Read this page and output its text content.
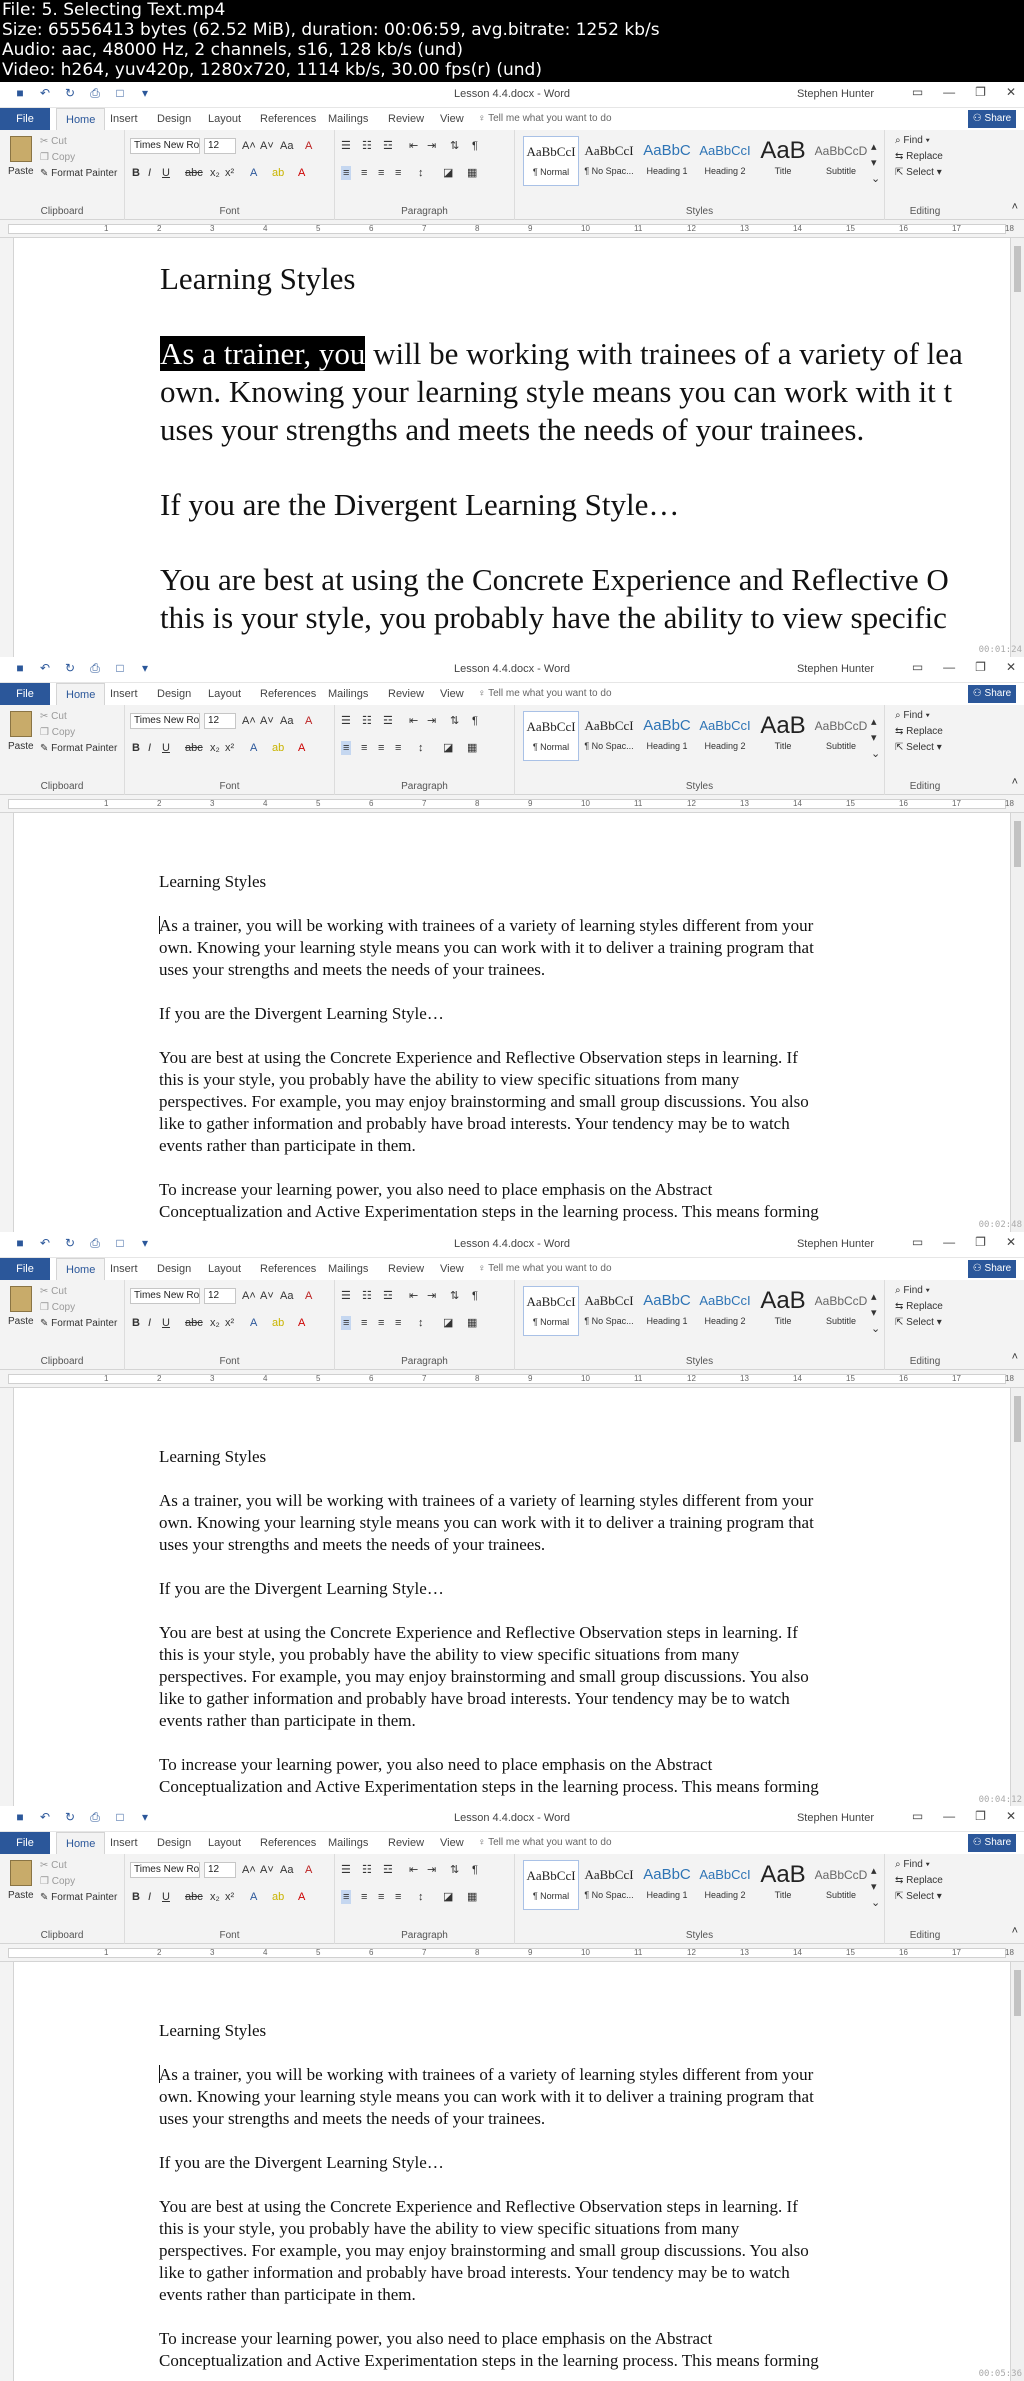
File: 5. Selecting Text.mp4
Size: 65556413 bytes (62.52 MiB), duration: 00:06:59, avg.bitrate: 1252 kb/s
Audio: aac, 48000 Hz, 2 channels, s16, 128 kb/s (und)
Video: h264, yuv420p, 1280x720, 1114 kb/s, 30.00 fps(r) (und)
■ ↶ ↻ ⎙ □ ▾	Lesson 4.4.docx - Word	Stephen Hunter	▭ — ❐ ✕
File	Home	Insert Design Layout References Mailings Review View ♀ Tell me what you want to do	⚇ Share
Paste
✂ Cut
❐ Copy
✎ Format Painter
Clipboard
Times New Ro 12	A˄ A˅ Aa A
B I U abc x₂ x² A ab A
Font
☰ ☷ ☲ ⇤ ⇥ ⇅ ¶
≡ ≡ ≡ ≡ ↕ ◪ ▦
Paragraph
AaBbCcI
¶ Normal
AaBbCcI
¶ No Spac...
AaBbC
Heading 1
AaBbCcI
Heading 2
AaB
Title
AaBbCcD
Subtitle
▴
▾
⌄
Styles
⌕ Find ▾
⇆ Replace
⇱ Select ▾
Editing	˄
1	2	3	4	5	6	7	8	9	10	11	12	13	14	15	16	17	18

Learning Styles

As a trainer, you will be working with trainees of a variety of lea

own. Knowing your learning style means you can work with it t

uses your strengths and meets the needs of your trainees.

If you are the Divergent Learning Style…

You are best at using the Concrete Experience and Reflective O

this is your style, you probably have the ability to view specific

00:01:24
■ ↶ ↻ ⎙ □ ▾	Lesson 4.4.docx - Word	Stephen Hunter	▭ — ❐ ✕
File	Home	Insert Design Layout References Mailings Review View ♀ Tell me what you want to do	⚇ Share
Paste
✂ Cut
❐ Copy
✎ Format Painter
Clipboard
Times New Ro 12	A˄ A˅ Aa A
B I U abc x₂ x² A ab A
Font
☰ ☷ ☲ ⇤ ⇥ ⇅ ¶
≡ ≡ ≡ ≡ ↕ ◪ ▦
Paragraph
AaBbCcI
¶ Normal
AaBbCcI
¶ No Spac...
AaBbC
Heading 1
AaBbCcI
Heading 2
AaB
Title
AaBbCcD
Subtitle
▴
▾
⌄
Styles
⌕ Find ▾
⇆ Replace
⇱ Select ▾
Editing	˄
1	2	3	4	5	6	7	8	9	10	11	12	13	14	15	16	17	18

Learning Styles

As a trainer, you will be working with trainees of a variety of learning styles different from your

own. Knowing your learning style means you can work with it to deliver a training program that

uses your strengths and meets the needs of your trainees.

If you are the Divergent Learning Style…

You are best at using the Concrete Experience and Reflective Observation steps in learning. If

this is your style, you probably have the ability to view specific situations from many

perspectives. For example, you may enjoy brainstorming and small group discussions. You also

like to gather information and probably have broad interests. Your tendency may be to watch

events rather than participate in them.

To increase your learning power, you also need to place emphasis on the Abstract

Conceptualization and Active Experimentation steps in the learning process. This means forming

00:02:48
■ ↶ ↻ ⎙ □ ▾	Lesson 4.4.docx - Word	Stephen Hunter	▭ — ❐ ✕
File	Home	Insert Design Layout References Mailings Review View ♀ Tell me what you want to do	⚇ Share
Paste
✂ Cut
❐ Copy
✎ Format Painter
Clipboard
Times New Ro 12	A˄ A˅ Aa A
B I U abc x₂ x² A ab A
Font
☰ ☷ ☲ ⇤ ⇥ ⇅ ¶
≡ ≡ ≡ ≡ ↕ ◪ ▦
Paragraph
AaBbCcI
¶ Normal
AaBbCcI
¶ No Spac...
AaBbC
Heading 1
AaBbCcI
Heading 2
AaB
Title
AaBbCcD
Subtitle
▴
▾
⌄
Styles
⌕ Find ▾
⇆ Replace
⇱ Select ▾
Editing	˄
1	2	3	4	5	6	7	8	9	10	11	12	13	14	15	16	17	18

Learning Styles

As a trainer, you will be working with trainees of a variety of learning styles different from your

own. Knowing your learning style means you can work with it to deliver a training program that

uses your strengths and meets the needs of your trainees.

If you are the Divergent Learning Style…

You are best at using the Concrete Experience and Reflective Observation steps in learning. If

this is your style, you probably have the ability to view specific situations from many

perspectives. For example, you may enjoy brainstorming and small group discussions. You also

like to gather information and probably have broad interests. Your tendency may be to watch

events rather than participate in them.

To increase your learning power, you also need to place emphasis on the Abstract

Conceptualization and Active Experimentation steps in the learning process. This means forming

00:04:12
■ ↶ ↻ ⎙ □ ▾	Lesson 4.4.docx - Word	Stephen Hunter	▭ — ❐ ✕
File	Home	Insert Design Layout References Mailings Review View ♀ Tell me what you want to do	⚇ Share
Paste
✂ Cut
❐ Copy
✎ Format Painter
Clipboard
Times New Ro 12	A˄ A˅ Aa A
B I U abc x₂ x² A ab A
Font
☰ ☷ ☲ ⇤ ⇥ ⇅ ¶
≡ ≡ ≡ ≡ ↕ ◪ ▦
Paragraph
AaBbCcI
¶ Normal
AaBbCcI
¶ No Spac...
AaBbC
Heading 1
AaBbCcI
Heading 2
AaB
Title
AaBbCcD
Subtitle
▴
▾
⌄
Styles
⌕ Find ▾
⇆ Replace
⇱ Select ▾
Editing	˄
1	2	3	4	5	6	7	8	9	10	11	12	13	14	15	16	17	18

Learning Styles

As a trainer, you will be working with trainees of a variety of learning styles different from your

own. Knowing your learning style means you can work with it to deliver a training program that

uses your strengths and meets the needs of your trainees.

If you are the Divergent Learning Style…

You are best at using the Concrete Experience and Reflective Observation steps in learning. If

this is your style, you probably have the ability to view specific situations from many

perspectives. For example, you may enjoy brainstorming and small group discussions. You also

like to gather information and probably have broad interests. Your tendency may be to watch

events rather than participate in them.

To increase your learning power, you also need to place emphasis on the Abstract

Conceptualization and Active Experimentation steps in the learning process. This means forming

00:05:36
